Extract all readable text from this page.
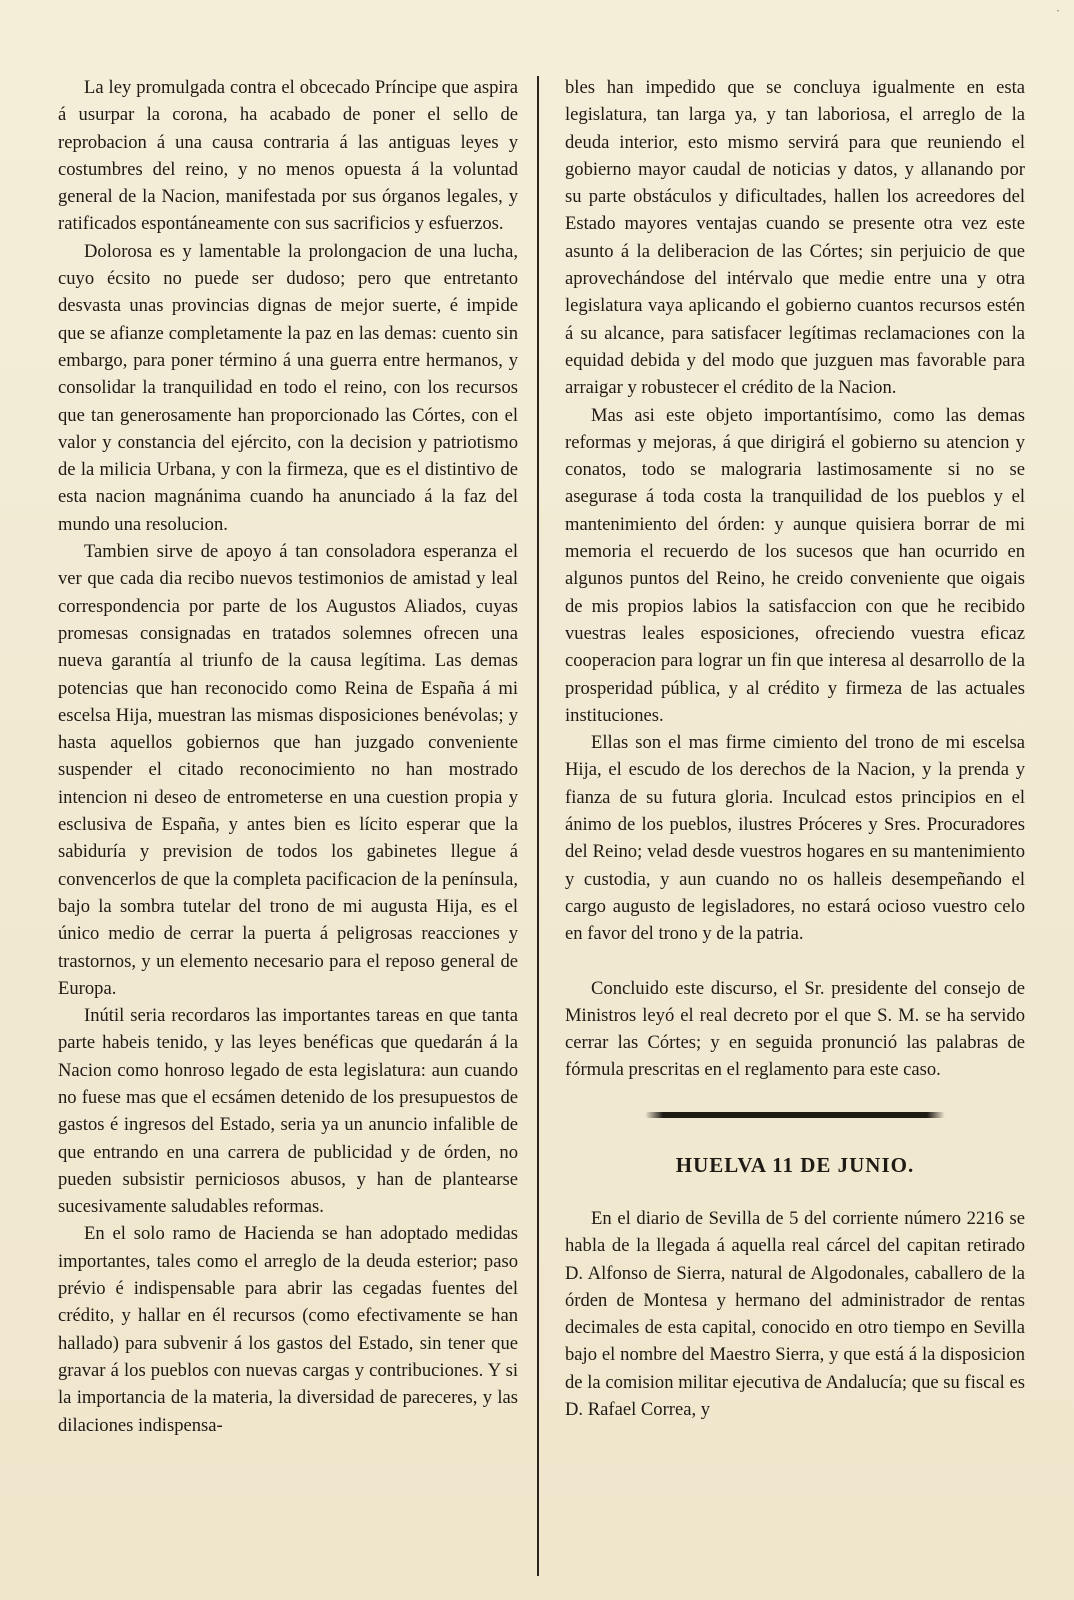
·

La ley promulgada contra el obcecado Príncipe que aspira á usurpar la corona, ha acabado de poner el sello de reprobacion á una causa contraria á las antiguas leyes y costumbres del reino, y no menos opuesta á la voluntad general de la Nacion, manifestada por sus órganos legales, y ratificados espontáneamente con sus sacrificios y esfuerzos.

Dolorosa es y lamentable la prolongacion de una lucha, cuyo écsito no puede ser dudoso; pero que entretanto desvasta unas provincias dignas de mejor suerte, é impide que se afianze completamente la paz en las demas: cuento sin embargo, para poner término á una guerra entre hermanos, y consolidar la tranquilidad en todo el reino, con los recursos que tan generosamente han proporcionado las Córtes, con el valor y constancia del ejército, con la decision y patriotismo de la milicia Urbana, y con la firmeza, que es el distintivo de esta nacion magnánima cuando ha anunciado á la faz del mundo una resolucion.

Tambien sirve de apoyo á tan consoladora esperanza el ver que cada dia recibo nuevos testimonios de amistad y leal correspondencia por parte de los Augustos Aliados, cuyas promesas consignadas en tratados solemnes ofrecen una nueva garantía al triunfo de la causa legítima. Las demas potencias que han reconocido como Reina de España á mi escelsa Hija, muestran las mismas disposiciones benévolas; y hasta aquellos gobiernos que han juzgado conveniente suspender el citado reconocimiento no han mostrado intencion ni deseo de entrometerse en una cuestion propia y esclusiva de España, y antes bien es lícito esperar que la sabiduría y prevision de todos los gabinetes llegue á convencerlos de que la completa pacificacion de la península, bajo la sombra tutelar del trono de mi augusta Hija, es el único medio de cerrar la puerta á peligrosas reacciones y trastornos, y un elemento necesario para el reposo general de Europa.

Inútil seria recordaros las importantes tareas en que tanta parte habeis tenido, y las leyes benéficas que quedarán á la Nacion como honroso legado de esta legislatura: aun cuando no fuese mas que el ecsámen detenido de los presupuestos de gastos é ingresos del Estado, seria ya un anuncio infalible de que entrando en una carrera de publicidad y de órden, no pueden subsistir perniciosos abusos, y han de plantearse sucesivamente saludables reformas.

En el solo ramo de Hacienda se han adoptado medidas importantes, tales como el arreglo de la deuda esterior; paso prévio é indispensable para abrir las cegadas fuentes del crédito, y hallar en él recursos (como efectivamente se han hallado) para subvenir á los gastos del Estado, sin tener que gravar á los pueblos con nuevas cargas y contribuciones. Y si la importancia de la materia, la diversidad de pareceres, y las dilaciones indispensa-

bles han impedido que se concluya igualmente en esta legislatura, tan larga ya, y tan laboriosa, el arreglo de la deuda interior, esto mismo servirá para que reuniendo el gobierno mayor caudal de noticias y datos, y allanando por su parte obstáculos y dificultades, hallen los acreedores del Estado mayores ventajas cuando se presente otra vez este asunto á la deliberacion de las Córtes; sin perjuicio de que aprovechándose del intérvalo que medie entre una y otra legislatura vaya aplicando el gobierno cuantos recursos estén á su alcance, para satisfacer legítimas reclamaciones con la equidad debida y del modo que juzguen mas favorable para arraigar y robustecer el crédito de la Nacion.

Mas asi este objeto importantísimo, como las demas reformas y mejoras, á que dirigirá el gobierno su atencion y conatos, todo se malograria lastimosamente si no se asegurase á toda costa la tranquilidad de los pueblos y el mantenimiento del órden: y aunque quisiera borrar de mi memoria el recuerdo de los sucesos que han ocurrido en algunos puntos del Reino, he creido conveniente que oigais de mis propios labios la satisfaccion con que he recibido vuestras leales esposiciones, ofreciendo vuestra eficaz cooperacion para lograr un fin que interesa al desarrollo de la prosperidad pública, y al crédito y firmeza de las actuales instituciones.

Ellas son el mas firme cimiento del trono de mi escelsa Hija, el escudo de los derechos de la Nacion, y la prenda y fianza de su futura gloria. Inculcad estos principios en el ánimo de los pueblos, ilustres Próceres y Sres. Procuradores del Reino; velad desde vuestros hogares en su mantenimiento y custodia, y aun cuando no os halleis desempeñando el cargo augusto de legisladores, no estará ocioso vuestro celo en favor del trono y de la patria.

Concluido este discurso, el Sr. presidente del consejo de Ministros leyó el real decreto por el que S. M. se ha servido cerrar las Córtes; y en seguida pronunció las palabras de fórmula prescritas en el reglamento para este caso.

HUELVA 11 DE JUNIO.

En el diario de Sevilla de 5 del corriente número 2216 se habla de la llegada á aquella real cárcel del capitan retirado D. Alfonso de Sierra, natural de Algodonales, caballero de la órden de Montesa y hermano del administrador de rentas decimales de esta capital, conocido en otro tiempo en Sevilla bajo el nombre del Maestro Sierra, y que está á la disposicion de la comision militar ejecutiva de Andalucía; que su fiscal es D. Rafael Correa, y
